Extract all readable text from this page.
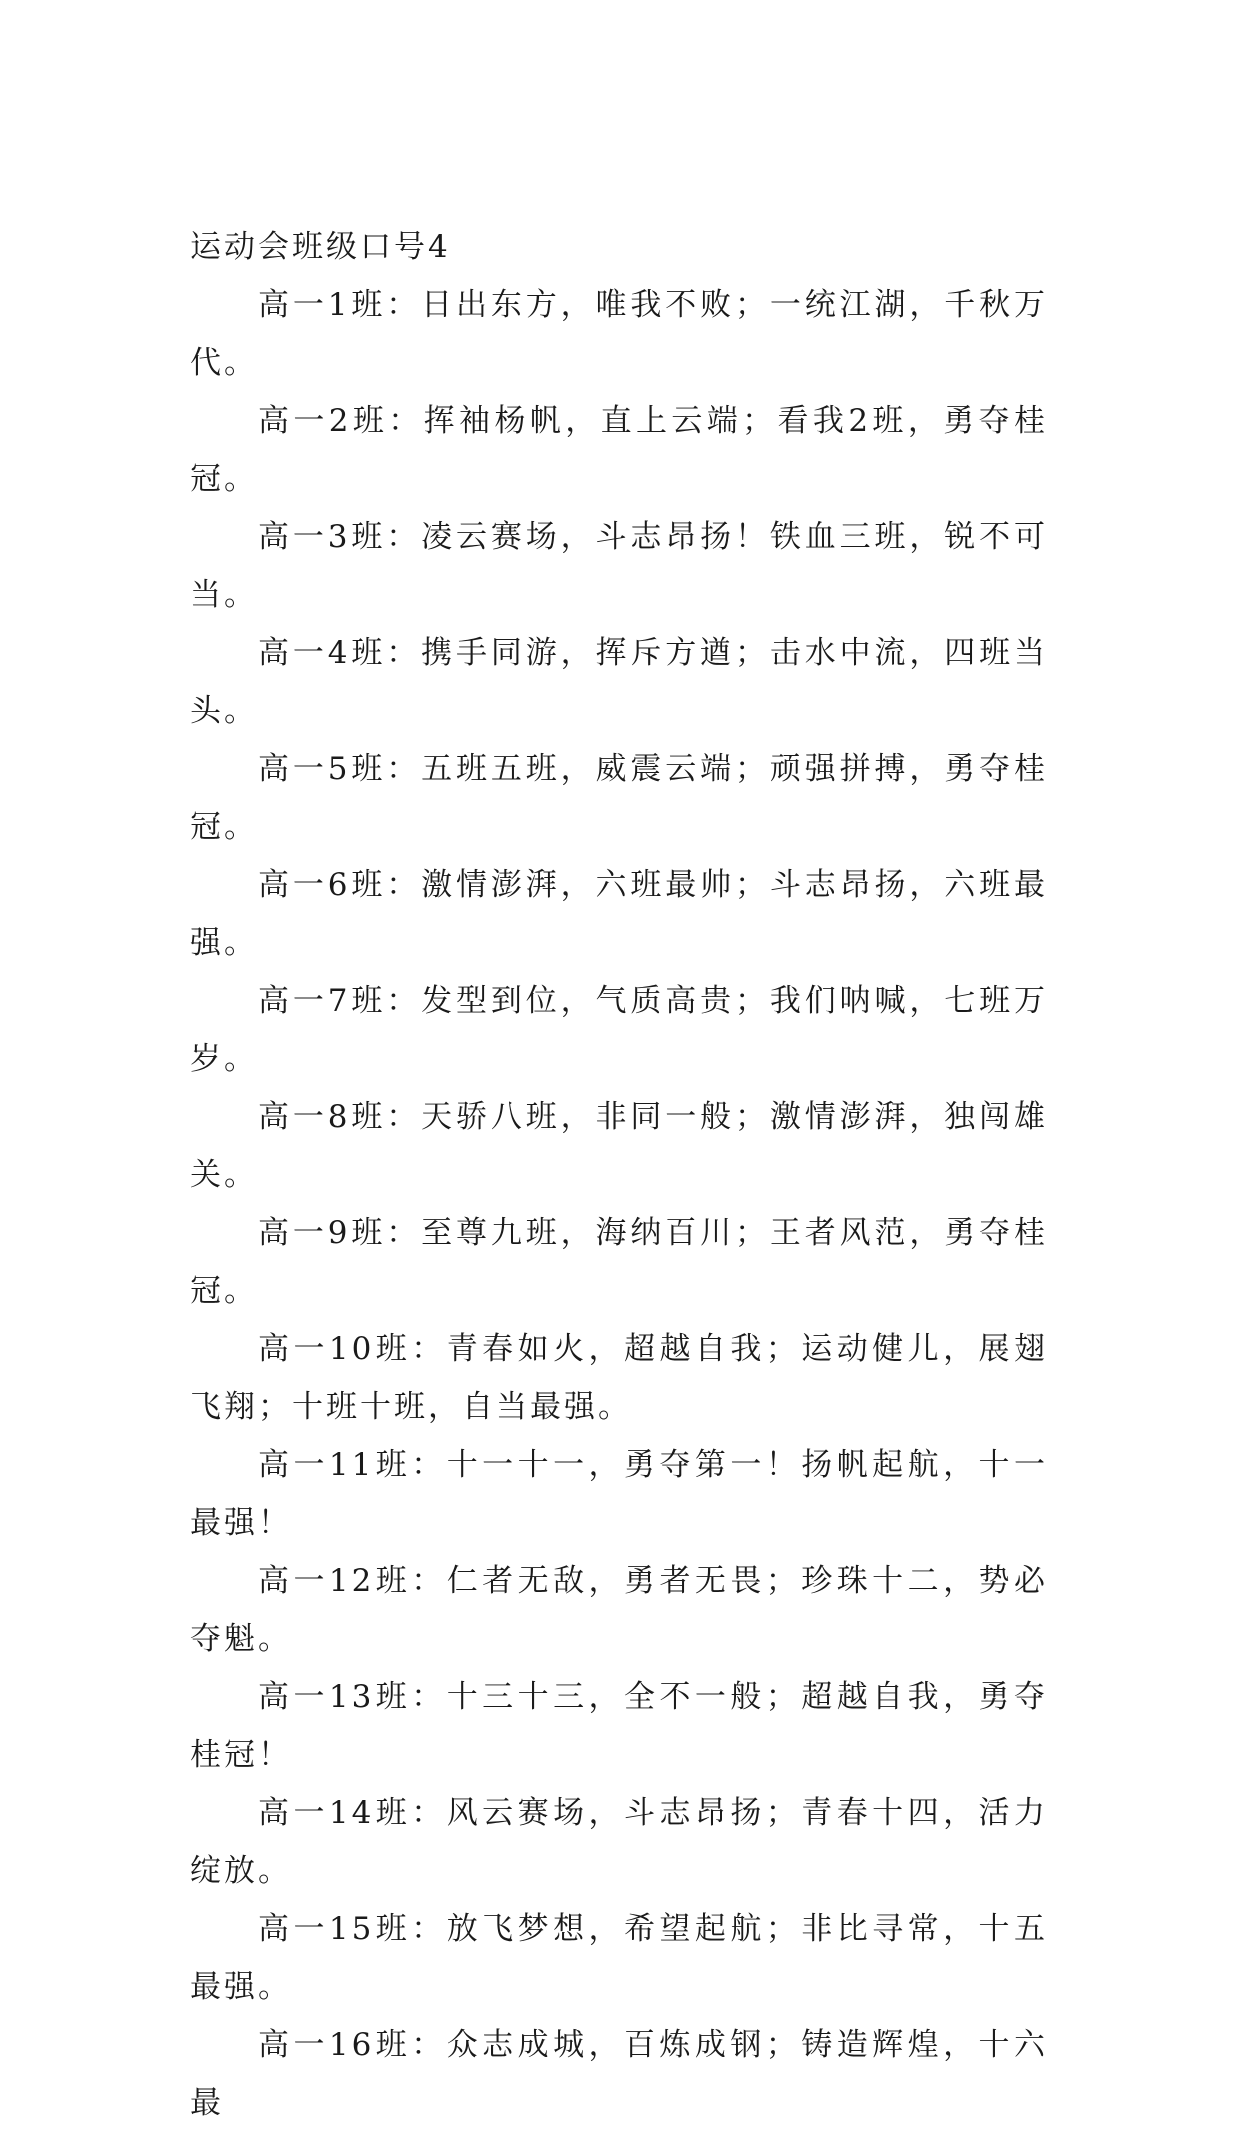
运动会班级口号4

高一1班：日出东方，唯我不败；一统江湖，千秋万代。

高一2班：挥袖杨帆，直上云端；看我2班，勇夺桂冠。

高一3班：凌云赛场，斗志昂扬！铁血三班，锐不可当。

高一4班：携手同游，挥斥方遒；击水中流，四班当头。

高一5班：五班五班，威震云端；顽强拼搏，勇夺桂冠。

高一6班：激情澎湃，六班最帅；斗志昂扬，六班最强。

高一7班：发型到位，气质高贵；我们呐喊，七班万岁。

高一8班：天骄八班，非同一般；激情澎湃，独闯雄关。

高一9班：至尊九班，海纳百川；王者风范，勇夺桂冠。

高一10班：青春如火，超越自我；运动健儿，展翅飞翔；十班十班，自当最强。

高一11班：十一十一，勇夺第一！扬帆起航，十一最强！

高一12班：仁者无敌，勇者无畏；珍珠十二，势必夺魁。

高一13班：十三十三，全不一般；超越自我，勇夺桂冠！

高一14班：风云赛场，斗志昂扬；青春十四，活力绽放。

高一15班：放飞梦想，希望起航；非比寻常，十五最强。

高一16班：众志成城，百炼成钢；铸造辉煌，十六最
